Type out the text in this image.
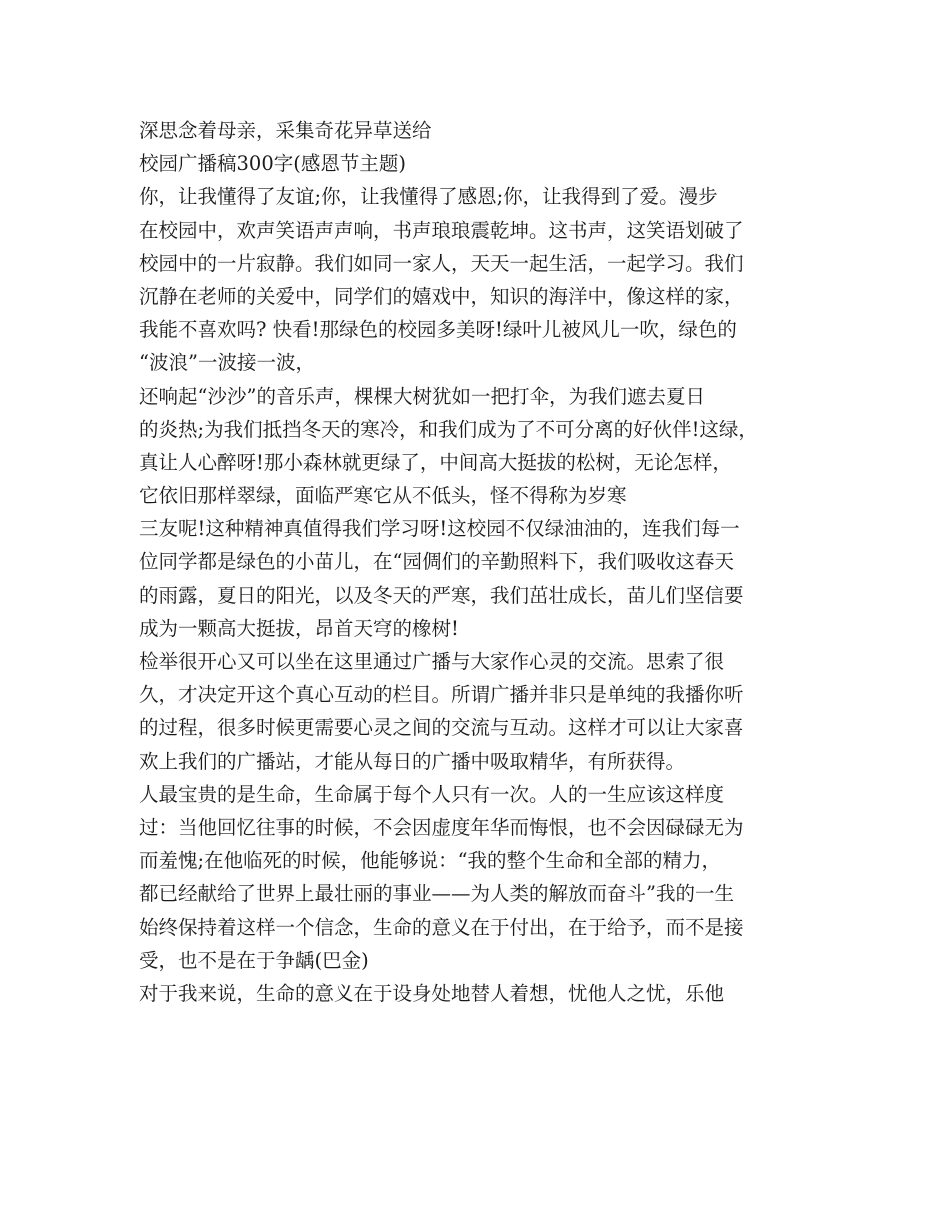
深思念着母亲，采集奇花异草送给

校园广播稿300字(感恩节主题)

你，让我懂得了友谊;你，让我懂得了感恩;你，让我得到了爱。漫步

在校园中，欢声笑语声声响，书声琅琅震乾坤。这书声，这笑语划破了

校园中的一片寂静。我们如同一家人，天天一起生活，一起学习。我们

沉静在老师的关爱中，同学们的嬉戏中，知识的海洋中，像这样的家，

我能不喜欢吗? 快看!那绿色的校园多美呀!绿叶儿被风儿一吹，绿色的

“波浪”一波接一波，

还响起“沙沙”的音乐声，棵棵大树犹如一把打伞，为我们遮去夏日

的炎热;为我们抵挡冬天的寒冷，和我们成为了不可分离的好伙伴!这绿，

真让人心醉呀!那小森林就更绿了，中间高大挺拔的松树，无论怎样，

它依旧那样翠绿，面临严寒它从不低头，怪不得称为岁寒

三友呢!这种精神真值得我们学习呀!这校园不仅绿油油的，连我们每一

位同学都是绿色的小苗儿，在“园倜们的辛勤照料下，我们吸收这春天

的雨露，夏日的阳光，以及冬天的严寒，我们茁壮成长，苗儿们坚信要

成为一颗高大挺拔，昂首天穹的橡树!

检举很开心又可以坐在这里通过广播与大家作心灵的交流。思索了很

久，才决定开这个真心互动的栏目。所谓广播并非只是单纯的我播你听

的过程，很多时候更需要心灵之间的交流与互动。这样才可以让大家喜

欢上我们的广播站，才能从每日的广播中吸取精华，有所获得。

人最宝贵的是生命，生命属于每个人只有一次。人的一生应该这样度

过：当他回忆往事的时候，不会因虚度年华而悔恨，也不会因碌碌无为

而羞愧;在他临死的时候，他能够说：“我的整个生命和全部的精力，

都已经献给了世界上最壮丽的事业——为人类的解放而奋斗”我的一生

始终保持着这样一个信念，生命的意义在于付出，在于给予，而不是接

受，也不是在于争龋(巴金)

对于我来说，生命的意义在于设身处地替人着想，忧他人之忧，乐他
